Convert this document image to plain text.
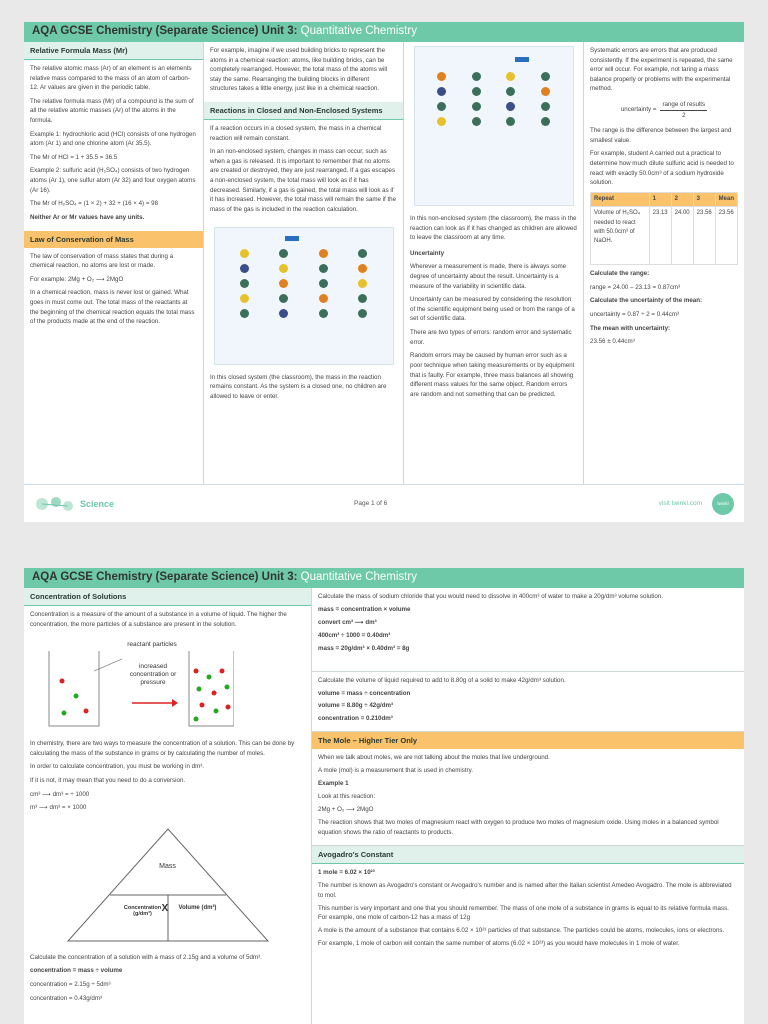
AQA GCSE Chemistry (Separate Science) Unit 3: Quantitative Chemistry
Relative Formula Mass (Mr)

The relative atomic mass (Ar) of an element is an elements relative mass compared to the mass of an atom of carbon-12. Ar values are given in the periodic table.

The relative formula mass (Mr) of a compound is the sum of all the relative atomic masses (Ar) of the atoms in the formula.

Example 1: hydrochloric acid (HCl) consists of one hydrogen atom (Ar 1) and one chlorine atom (Ar 35.5).

The Mr of HCl = 1 + 35.5 = 36.5

Example 2: sulfuric acid (H₂SO₄) consists of two hydrogen atoms (Ar 1), one sulfur atom (Ar 32) and four oxygen atoms (Ar 16).

The Mr of H₂SO₄ = (1 × 2) + 32 + (16 × 4) = 98

Neither Ar or Mr values have any units.

Law of Conservation of Mass

The law of conservation of mass states that during a chemical reaction, no atoms are lost or made.

For example: 2Mg + O₂ ⟶ 2MgO

In a chemical reaction, mass is never lost or gained. What goes in must come out. The total mass of the reactants at the beginning of the chemical reaction equals the total mass of the products made at the end of the reaction.

For example, imagine if we used building bricks to represent the atoms in a chemical reaction: atoms, like building bricks, can be completely rearranged. However, the total mass of the atoms will stay the same. Rearranging the building blocks in different structures takes a little energy, just like in a chemical reaction.

Reactions in Closed and Non-Enclosed Systems

If a reaction occurs in a closed system, the mass in a chemical reaction will remain constant.

In an non-enclosed system, changes in mass can occur, such as when a gas is released. It is important to remember that no atoms are created or destroyed, they are just rearranged. If a gas escapes a non-enclosed system, the total mass will look as if it has decreased. Similarly, if a gas is gained, the total mass will look as if it has increased. However, the total mass will remain the same if the mass of the gas is included in the reaction calculation.

In this closed system (the classroom), the mass in the reaction remains constant. As the system is a closed one, no children are allowed to leave or enter.

In this non-enclosed system (the classroom), the mass in the reaction can look as if it has changed as children are allowed to leave the classroom at any time.

Uncertainty

Wherever a measurement is made, there is always some degree of uncertainty about the result. Uncertainty is a measure of the variability in scientific data.

Uncertainty can be measured by considering the resolution of the scientific equipment being used or from the range of a set of scientific data.

There are two types of errors: random error and systematic error.

Random errors may be caused by human error such as a poor technique when taking measurements or by equipment that is faulty. For example, three mass balances all showing different mass values for the same object. Random errors are random and not something that can be predicted.

Systematic errors are errors that are produced consistently. If the experiment is repeated, the same error will occur. For example, not taring a mass balance properly or problems with the experimental method.

uncertainty =
range of results
2

The range is the difference between the largest and smallest value.

For example, student A carried out a practical to determine how much dilute sulfuric acid is needed to react with exactly 50.0cm³ of a sodium hydroxide solution.

Repeat	1	2	3	Mean
Volume of H₂SO₄ needed to react with 50.0cm³ of NaOH.	23.13	24.00	23.56	23.56

Calculate the range:

range = 24.00 – 23.13 = 0.87cm³

Calculate the uncertainty of the mean:

uncertainty = 0.87 ÷ 2 = 0.44cm³

The mean with uncertainty:

23.56 ± 0.44cm³

Science	Page 1 of 6	visit twinkl.com	twinkl
AQA GCSE Chemistry (Separate Science) Unit 3: Quantitative Chemistry
Concentration of Solutions

Concentration is a measure of the amount of a substance in a volume of liquid. The higher the concentration, the more particles of a substance are present in the solution.

reactant particles
increased concentration or pressure

In chemistry, there are two ways to measure the concentration of a solution. This can be done by calculating the mass of the substance in grams or by calculating the number of moles.

In order to calculate concentration, you must be working in dm³.

If it is not, it may mean that you need to do a conversion.

cm³ ⟶ dm³ = ÷ 1000

m³ ⟶ dm³ = × 1000

Mass
Concentration (g/dm³) X Volume (dm³)

Calculate the concentration of a solution with a mass of 2.15g and a volume of 5dm³.

concentration = mass ÷ volume

concentration = 2.15g ÷ 5dm³

concentration = 0.43g/dm³

Calculate the mass of sodium chloride that you would need to dissolve in 400cm³ of water to make a 20g/dm³ volume solution.

mass = concentration × volume

convert cm³ ⟶ dm³

400cm³ ÷ 1000 = 0.40dm³

mass = 20g/dm³ × 0.40dm³ = 8g

Calculate the volume of liquid required to add to 8.80g of a solid to make 42g/dm³ solution.

volume = mass ÷ concentration

volume = 8.80g ÷ 42g/dm³

concentration = 0.210dm³

The Mole – Higher Tier Only

When we talk about moles, we are not talking about the moles that live underground.

A mole (mol) is a measurement that is used in chemistry.

Example 1

Look at this reaction:

2Mg + O₂ ⟶ 2MgO

The reaction shows that two moles of magnesium react with oxygen to produce two moles of magnesium oxide. Using moles in a balanced symbol equation shows the ratio of reactants to products.

Avogadro's Constant

1 mole = 6.02 × 10²³

The number is known as Avogadro's constant or Avogadro's number and is named after the Italian scientist Amedeo Avogadro. The mole is abbreviated to mol.

This number is very important and one that you should remember. The mass of one mole of a substance in grams is equal to its relative formula mass. For example, one mole of carbon-12 has a mass of 12g

A mole is the amount of a substance that contains 6.02 × 10²³ particles of that substance. The particles could be atoms, molecules, ions or electrons.

For example, 1 mole of carbon will contain the same number of atoms (6.02 × 10²³) as you would have molecules in 1 mole of water.
